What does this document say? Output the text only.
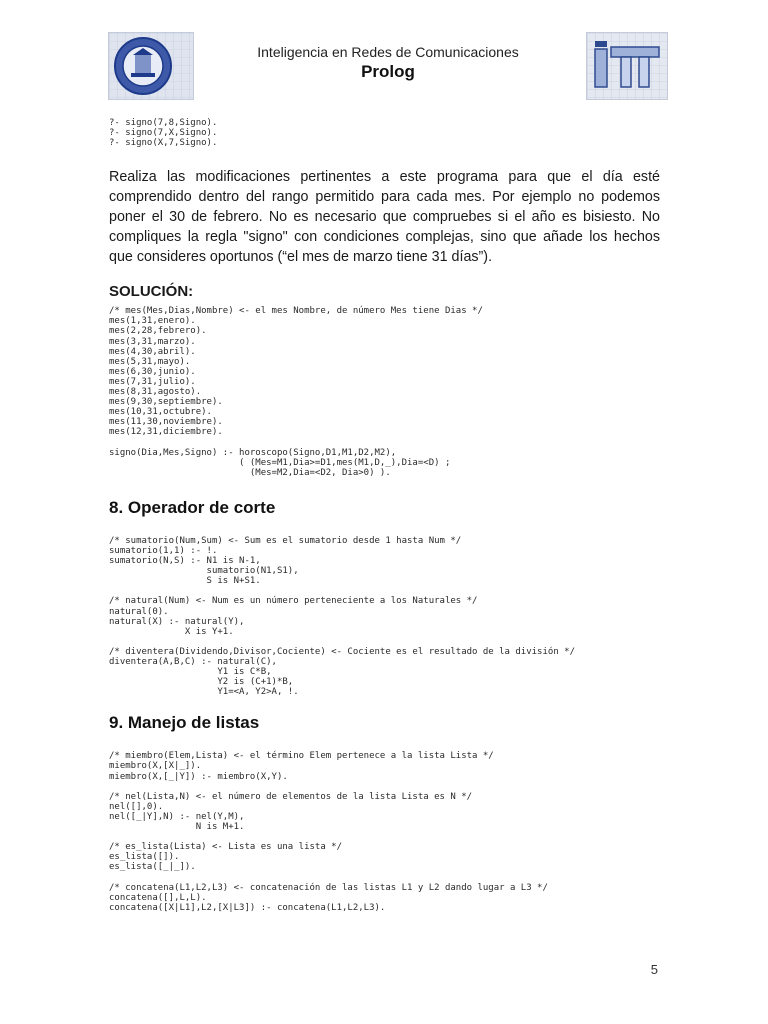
Inteligencia en Redes de Comunicaciones
Prolog
?- signo(7,8,Signo).
?- signo(7,X,Signo).
?- signo(X,7,Signo).

Realiza las modificaciones pertinentes a este programa para que el día esté comprendido dentro del rango permitido para cada mes. Por ejemplo no podemos poner el 30 de febrero. No es necesario que compruebes si el año es bisiesto. No compliques la regla "signo" con condiciones complejas, sino que añade los hechos que consideres oportunos (“el mes de marzo tiene 31 días”).

SOLUCIÓN:

/* mes(Mes,Dias,Nombre) <- el mes Nombre, de número Mes tiene Dias */
mes(1,31,enero).
mes(2,28,febrero).
mes(3,31,marzo).
mes(4,30,abril).
mes(5,31,mayo).
mes(6,30,junio).
mes(7,31,julio).
mes(8,31,agosto).
mes(9,30,septiembre).
mes(10,31,octubre).
mes(11,30,noviembre).
mes(12,31,diciembre).

signo(Dia,Mes,Signo) :- horoscopo(Signo,D1,M1,D2,M2),
( (Mes=M1,Dia>=D1,mes(M1,D,_),Dia=<D) ;
(Mes=M2,Dia=<D2, Dia>0) ).

8. Operador de corte

/* sumatorio(Num,Sum) <- Sum es el sumatorio desde 1 hasta Num */
sumatorio(1,1) :- !.
sumatorio(N,S) :- N1 is N-1,
sumatorio(N1,S1),
S is N+S1.

/* natural(Num) <- Num es un número perteneciente a los Naturales */
natural(0).
natural(X) :- natural(Y),
X is Y+1.

/* diventera(Dividendo,Divisor,Cociente) <- Cociente es el resultado de la división */
diventera(A,B,C) :- natural(C),
Y1 is C*B,
Y2 is (C+1)*B,
Y1=<A, Y2>A, !.

9. Manejo de listas

/* miembro(Elem,Lista) <- el término Elem pertenece a la lista Lista */
miembro(X,[X|_]).
miembro(X,[_|Y]) :- miembro(X,Y).

/* nel(Lista,N) <- el número de elementos de la lista Lista es N */
nel([],0).
nel([_|Y],N) :- nel(Y,M),
N is M+1.

/* es_lista(Lista) <- Lista es una lista */
es_lista([]).
es_lista([_|_]).

/* concatena(L1,L2,L3) <- concatenación de las listas L1 y L2 dando lugar a L3 */
concatena([],L,L).
concatena([X|L1],L2,[X|L3]) :- concatena(L1,L2,L3).
5
